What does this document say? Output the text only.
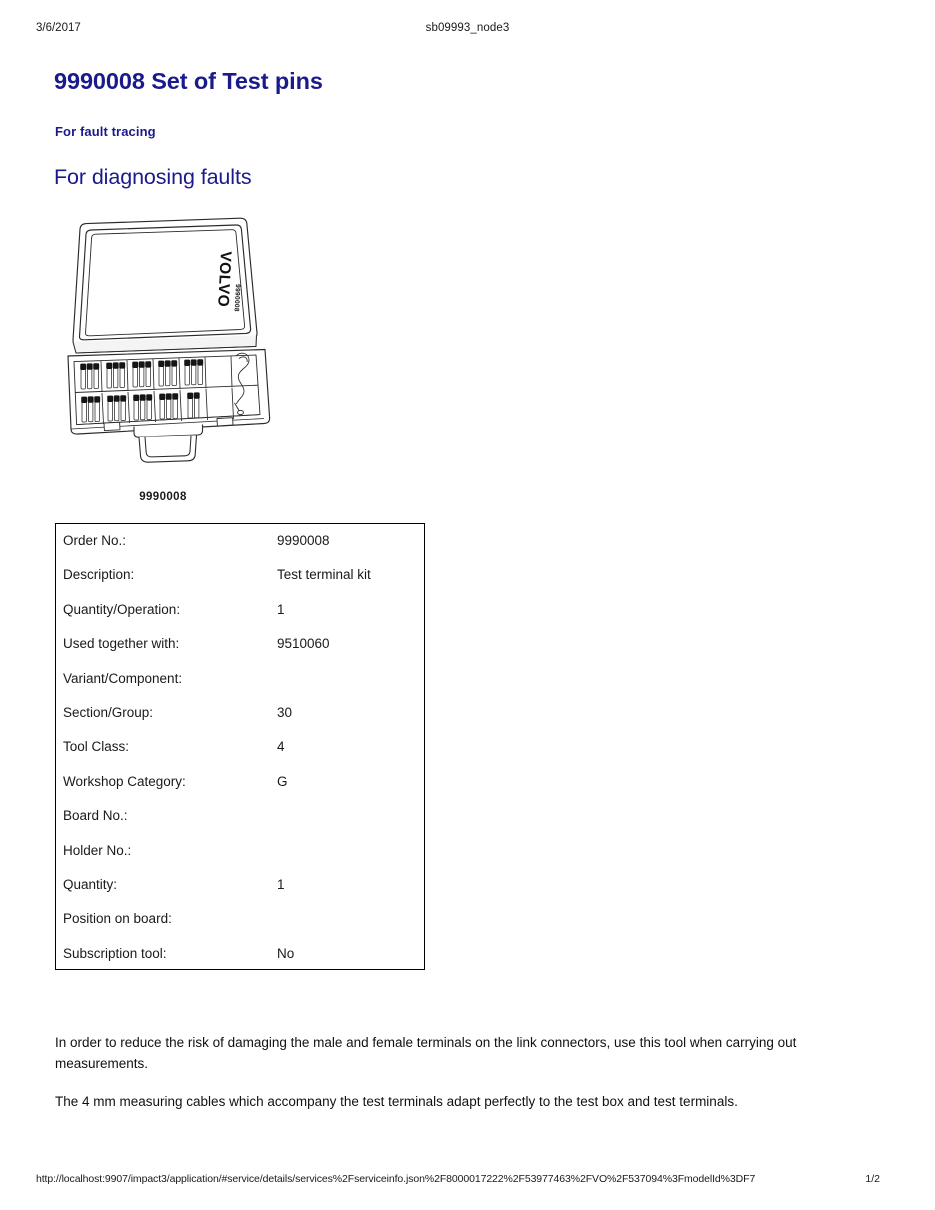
3/6/2017	sb09993_node3
9990008 Set of Test pins
For fault tracing
For diagnosing faults
VOLVO
9990008
9990008
Order No.:	9990008
Description:	Test terminal kit
Quantity/Operation:	1
Used together with:	9510060
Variant/Component:
Section/Group:	30
Tool Class:	4
Workshop Category:	G
Board No.:
Holder No.:
Quantity:	1
Position on board:
Subscription tool:	No

In order to reduce the risk of damaging the male and female terminals on the link connectors, use this tool when carrying out measurements.

The 4 mm measuring cables which accompany the test terminals adapt perfectly to the test box and test terminals.

http://localhost:9907/impact3/application/#service/details/services%2Fserviceinfo.json%2F8000017222%2F53977463%2FVO%2F537094%3FmodelId%3DF7	1/2
